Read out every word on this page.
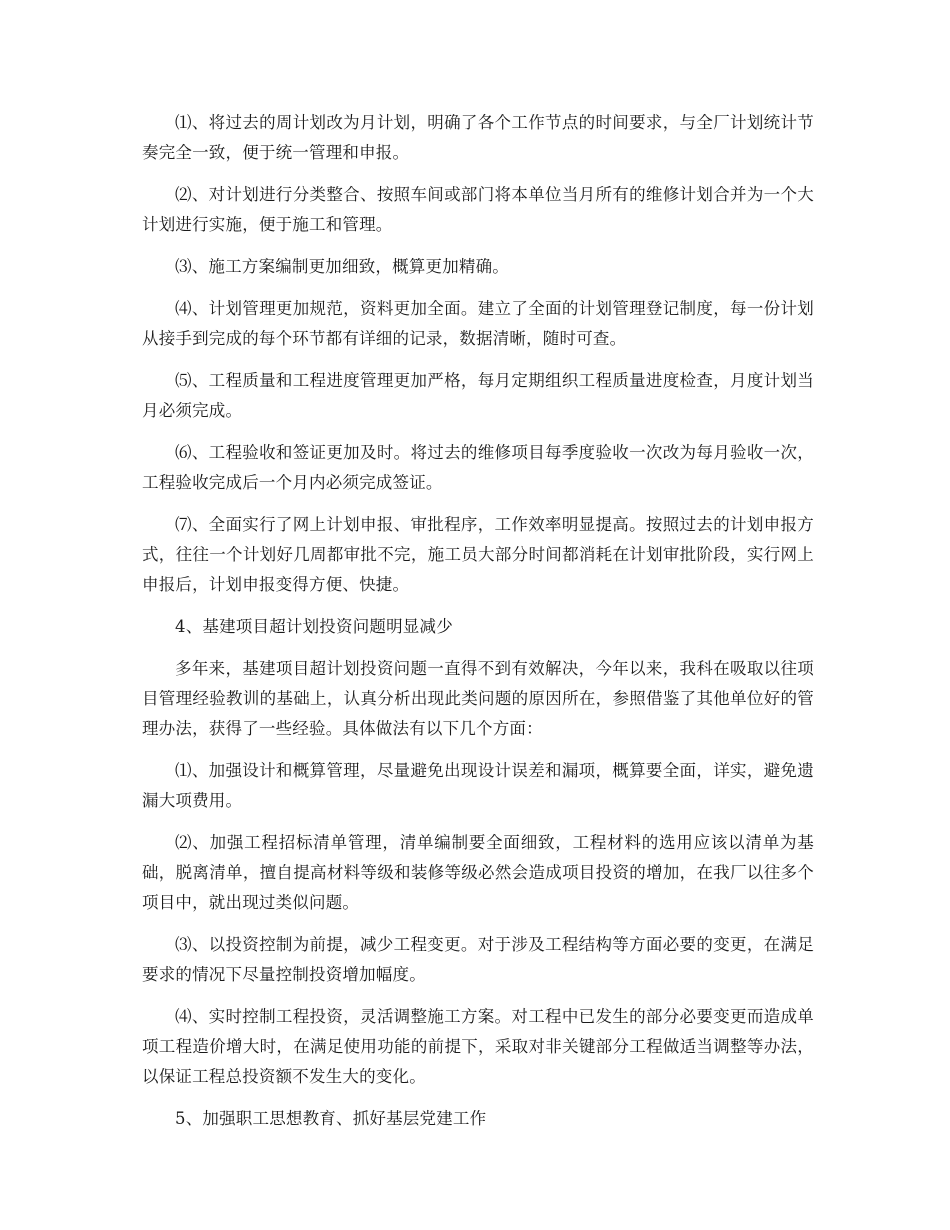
⑴、将过去的周计划改为月计划，明确了各个工作节点的时间要求，与全厂计划统计节奏完全一致，便于统一管理和申报。

⑵、对计划进行分类整合、按照车间或部门将本单位当月所有的维修计划合并为一个大计划进行实施，便于施工和管理。

⑶、施工方案编制更加细致，概算更加精确。

⑷、计划管理更加规范，资料更加全面。建立了全面的计划管理登记制度，每一份计划从接手到完成的每个环节都有详细的记录，数据清晰，随时可查。

⑸、工程质量和工程进度管理更加严格，每月定期组织工程质量进度检查，月度计划当月必须完成。

⑹、工程验收和签证更加及时。将过去的维修项目每季度验收一次改为每月验收一次，工程验收完成后一个月内必须完成签证。

⑺、全面实行了网上计划申报、审批程序，工作效率明显提高。按照过去的计划申报方式，往往一个计划好几周都审批不完，施工员大部分时间都消耗在计划审批阶段，实行网上申报后，计划申报变得方便、快捷。

4、基建项目超计划投资问题明显减少

多年来，基建项目超计划投资问题一直得不到有效解决，今年以来，我科在吸取以往项目管理经验教训的基础上，认真分析出现此类问题的原因所在，参照借鉴了其他单位好的管理办法，获得了一些经验。具体做法有以下几个方面：

⑴、加强设计和概算管理，尽量避免出现设计误差和漏项，概算要全面，详实，避免遗漏大项费用。

⑵、加强工程招标清单管理，清单编制要全面细致，工程材料的选用应该以清单为基础，脱离清单，擅自提高材料等级和装修等级必然会造成项目投资的增加，在我厂以往多个项目中，就出现过类似问题。

⑶、以投资控制为前提，减少工程变更。对于涉及工程结构等方面必要的变更，在满足要求的情况下尽量控制投资增加幅度。

⑷、实时控制工程投资，灵活调整施工方案。对工程中已发生的部分必要变更而造成单项工程造价增大时，在满足使用功能的前提下，采取对非关键部分工程做适当调整等办法，以保证工程总投资额不发生大的变化。

5、加强职工思想教育、抓好基层党建工作
